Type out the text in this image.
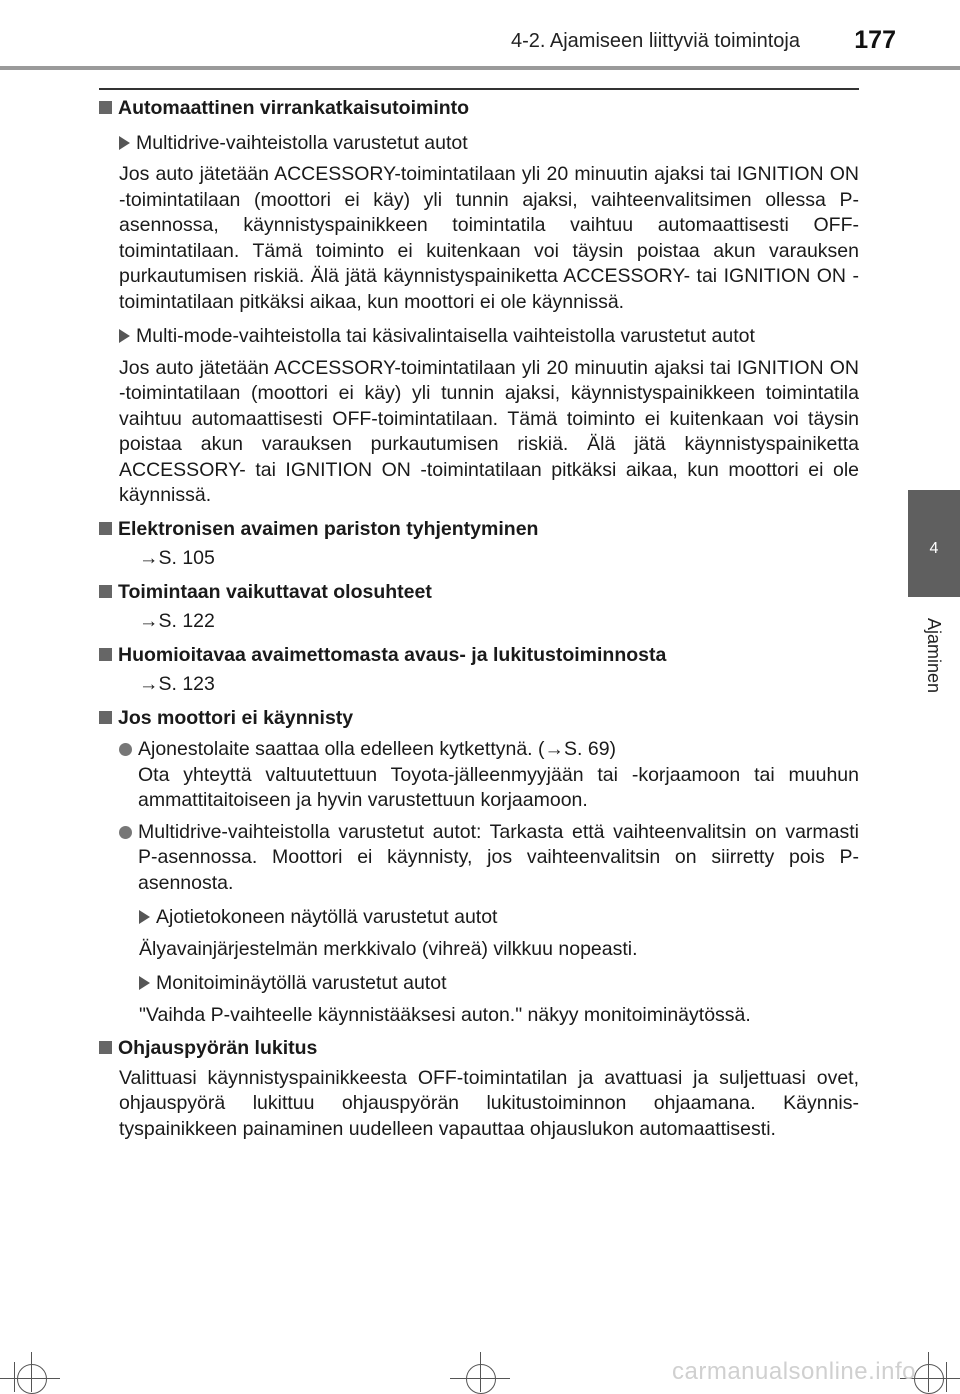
4-2. Ajamiseen liittyviä toimintoja	177
4
Ajaminen
Automaattinen virrankatkaisutoiminto
Multidrive-vaihteistolla varustetut autot
Jos auto jätetään ACCESSORY-toimintatilaan yli 20 minuutin ajaksi tai IGNITION ON -toimintatilaan (moottori ei käy) yli tunnin ajaksi, vaihteenvalitsimen ollessa P-asennossa, käynnistyspainikkeen toimintatila vaihtuu automaattisesti OFF-toimintatilaan. Tämä toiminto ei kuitenkaan voi täysin poistaa akun varauksen purkautumisen riskiä. Älä jätä käynnistyspainiketta ACCESSORY- tai IGNITION ON -toimintatilaan pitkäksi aikaa, kun moottori ei ole käynnissä.
Multi-mode-vaihteistolla tai käsivalintaisella vaihteistolla varustetut autot
Jos auto jätetään ACCESSORY-toimintatilaan yli 20 minuutin ajaksi tai IGNITION ON -toimintatilaan (moottori ei käy) yli tunnin ajaksi, käynnistyspainikkeen toimintatila vaihtuu automaattisesti OFF-toimintatilaan. Tämä toiminto ei kuitenkaan voi täysin poistaa akun varauksen purkautumisen riskiä. Älä jätä käynnistyspainiketta ACCESSORY- tai IGNITION ON -toimintatilaan pitkäksi aikaa, kun moottori ei ole käynnissä.
Elektronisen avaimen pariston tyhjentyminen
→S. 105
Toimintaan vaikuttavat olosuhteet
→S. 122
Huomioitavaa avaimettomasta avaus- ja lukitustoiminnosta
→S. 123
Jos moottori ei käynnisty
Ajonestolaite saattaa olla edelleen kytkettynä. (→S. 69)
Ota yhteyttä valtuutettuun Toyota-jälleenmyyjään tai -korjaamoon tai muuhun ammattitaitoiseen ja hyvin varustettuun korjaamoon.
Multidrive-vaihteistolla varustetut autot: Tarkasta että vaihteenvalitsin on varmasti P-asennossa. Moottori ei käynnisty, jos vaihteenvalitsin on siirretty pois P-asennosta.
Ajotietokoneen näytöllä varustetut autot
Älyavainjärjestelmän merkkivalo (vihreä) vilkkuu nopeasti.
Monitoiminäytöllä varustetut autot
"Vaihda P-vaihteelle käynnistääksesi auton." näkyy monitoiminäytössä.
Ohjauspyörän lukitus
Valittuasi käynnistyspainikkeesta OFF-toimintatilan ja avattuasi ja suljettuasi ovet, ohjauspyörä lukittuu ohjauspyörän lukitustoiminnon ohjaamana. Käynnistyspainikkeen painaminen uudelleen vapauttaa ohjauslukon automaattisesti.
carmanualsonline.info
